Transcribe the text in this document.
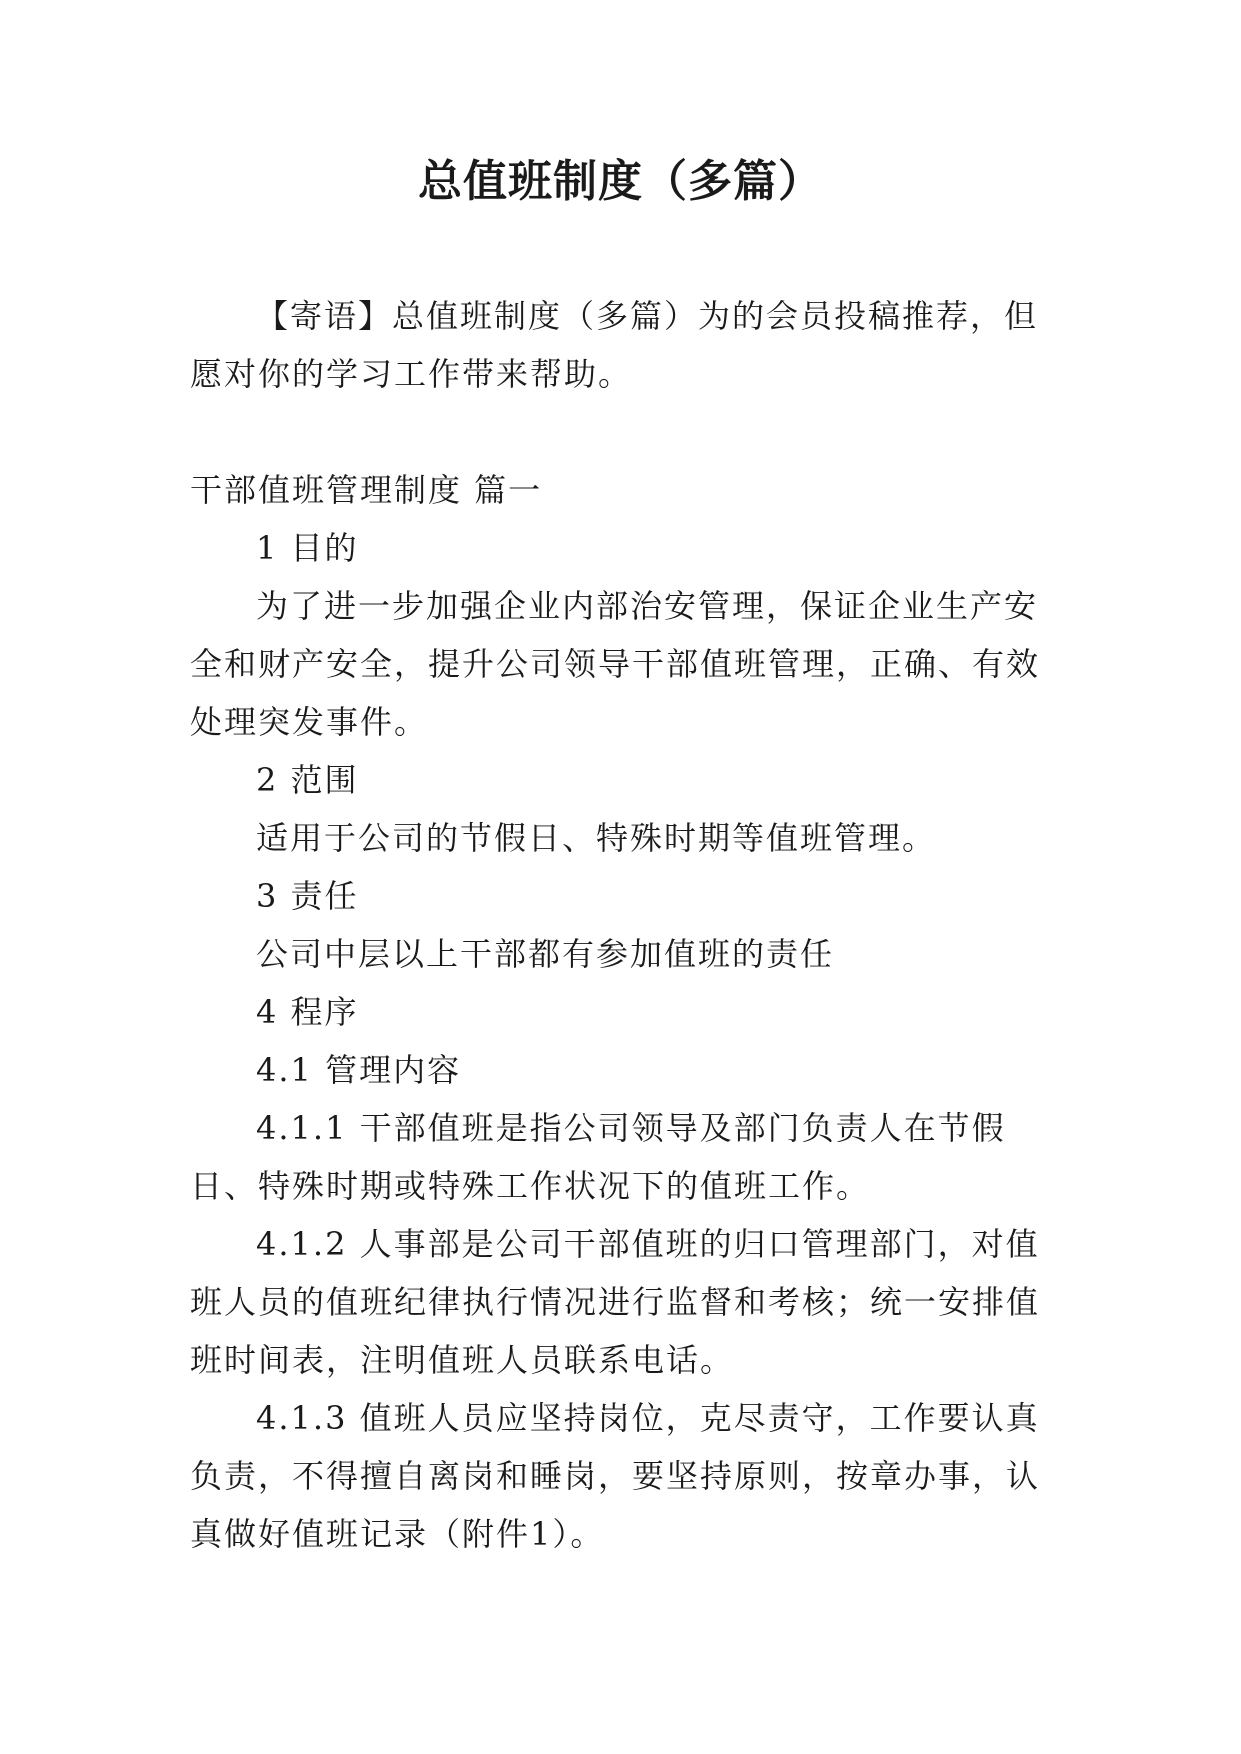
总值班制度（多篇）

【寄语】总值班制度（多篇）为的会员投稿推荐，但愿对你的学习工作带来帮助。

干部值班管理制度 篇一

1 目的

为了进一步加强企业内部治安管理，保证企业生产安全和财产安全，提升公司领导干部值班管理，正确、有效处理突发事件。

2 范围

适用于公司的节假日、特殊时期等值班管理。

3 责任

公司中层以上干部都有参加值班的责任

4 程序

4.1 管理内容

4.1.1 干部值班是指公司领导及部门负责人在节假日、特殊时期或特殊工作状况下的值班工作。

4.1.2 人事部是公司干部值班的归口管理部门，对值班人员的值班纪律执行情况进行监督和考核；统一安排值班时间表，注明值班人员联系电话。

4.1.3 值班人员应坚持岗位，克尽责守，工作要认真负责，不得擅自离岗和睡岗，要坚持原则，按章办事，认真做好值班记录（附件1）。
